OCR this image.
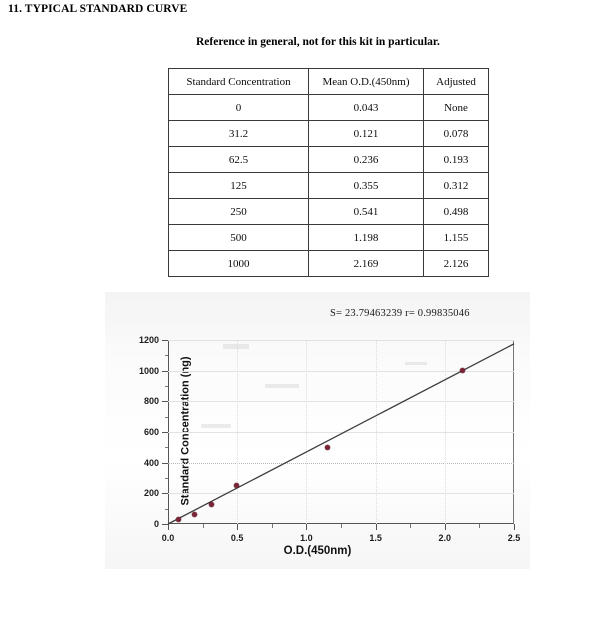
11. TYPICAL STANDARD CURVE
Reference in general, not for this kit in particular.
Standard Concentration	Mean O.D.(450nm)	Adjusted
0	0.043	None
31.2	0.121	0.078
62.5	0.236	0.193
125	0.355	0.312
250	0.541	0.498
500	1.198	1.155
1000	2.169	2.126
S= 23.79463239 r= 0.99835046
Standard Concentration (ng)
O.D.(450nm)
0
200
400
600
800
1000
1200
0.0	0.5	1.0	1.5	2.0	2.5
